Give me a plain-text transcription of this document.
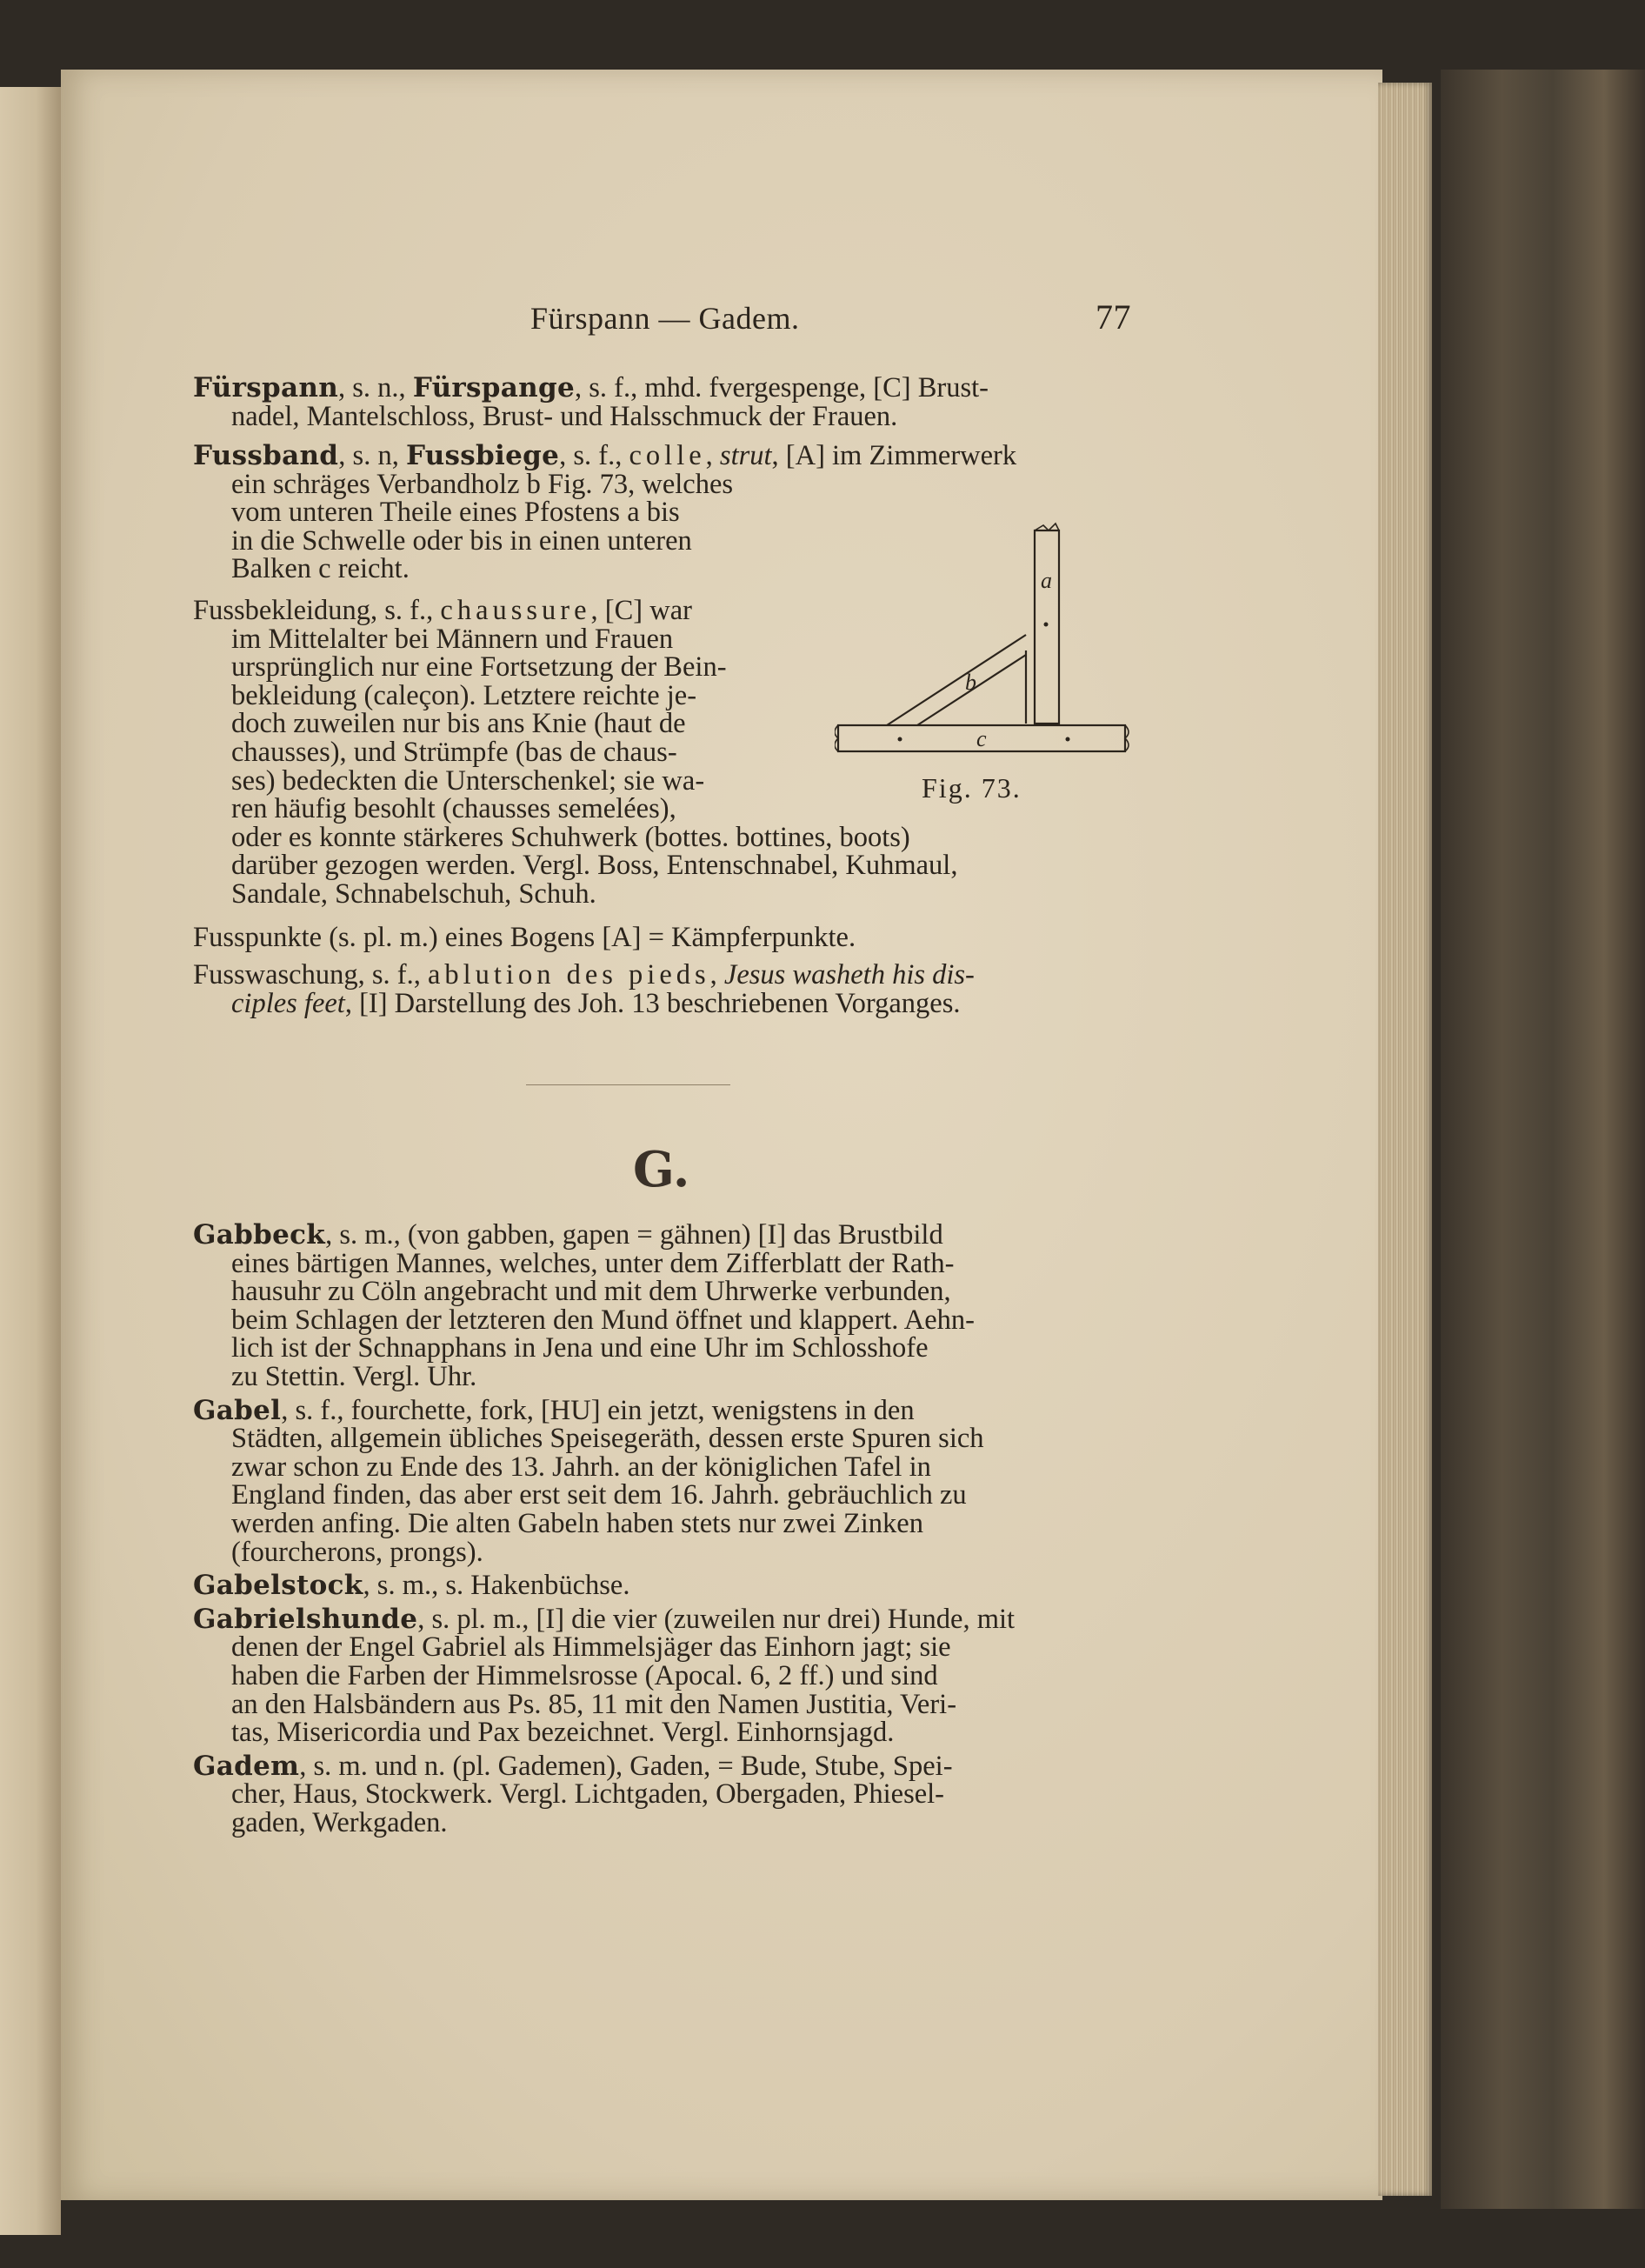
Fürspann — Gadem.	77
Fürspann, s. n., Fürspange, s. f., mhd. fvergespenge, [C] Brust-
nadel, Mantelschloss, Brust- und Halsschmuck der Frauen.
Fussband, s. n, Fussbiege, s. f., colle, strut, [A] im Zimmerwerk
ein schräges Verbandholz b Fig. 73, welches
vom unteren Theile eines Pfostens a bis
in die Schwelle oder bis in einen unteren
Balken c reicht.
Fussbekleidung, s. f., chaussure, [C] war
im Mittelalter bei Männern und Frauen
ursprünglich nur eine Fortsetzung der Bein-
bekleidung (caleçon). Letztere reichte je-
doch zuweilen nur bis ans Knie (haut de
chausses), und Strümpfe (bas de chaus-
ses) bedeckten die Unterschenkel; sie wa-
ren häufig besohlt (chausses semelées),
oder es konnte stärkeres Schuhwerk (bottes. bottines, boots)
darüber gezogen werden. Vergl. Boss, Entenschnabel, Kuhmaul,
Sandale, Schnabelschuh, Schuh.
Fusspunkte (s. pl. m.) eines Bogens [A] = Kämpferpunkte.
Fusswaschung, s. f., ablution des pieds, Jesus washeth his dis-
ciples feet, [I] Darstellung des Joh. 13 beschriebenen Vorganges.
a
b
c
Fig. 73.
G.
Gabbeck, s. m., (von gabben, gapen = gähnen) [I] das Brustbild
eines bärtigen Mannes, welches, unter dem Zifferblatt der Rath-
hausuhr zu Cöln angebracht und mit dem Uhrwerke verbunden,
beim Schlagen der letzteren den Mund öffnet und klappert. Aehn-
lich ist der Schnapphans in Jena und eine Uhr im Schlosshofe
zu Stettin. Vergl. Uhr.
Gabel, s. f., fourchette, fork, [HU] ein jetzt, wenigstens in den
Städten, allgemein übliches Speisegeräth, dessen erste Spuren sich
zwar schon zu Ende des 13. Jahrh. an der königlichen Tafel in
England finden, das aber erst seit dem 16. Jahrh. gebräuchlich zu
werden anfing. Die alten Gabeln haben stets nur zwei Zinken
(fourcherons, prongs).
Gabelstock, s. m., s. Hakenbüchse.
Gabrielshunde, s. pl. m., [I] die vier (zuweilen nur drei) Hunde, mit
denen der Engel Gabriel als Himmelsjäger das Einhorn jagt; sie
haben die Farben der Himmelsrosse (Apocal. 6, 2 ff.) und sind
an den Halsbändern aus Ps. 85, 11 mit den Namen Justitia, Veri-
tas, Misericordia und Pax bezeichnet. Vergl. Einhornsjagd.
Gadem, s. m. und n. (pl. Gademen), Gaden, = Bude, Stube, Spei-
cher, Haus, Stockwerk. Vergl. Lichtgaden, Obergaden, Phiesel-
gaden, Werkgaden.
